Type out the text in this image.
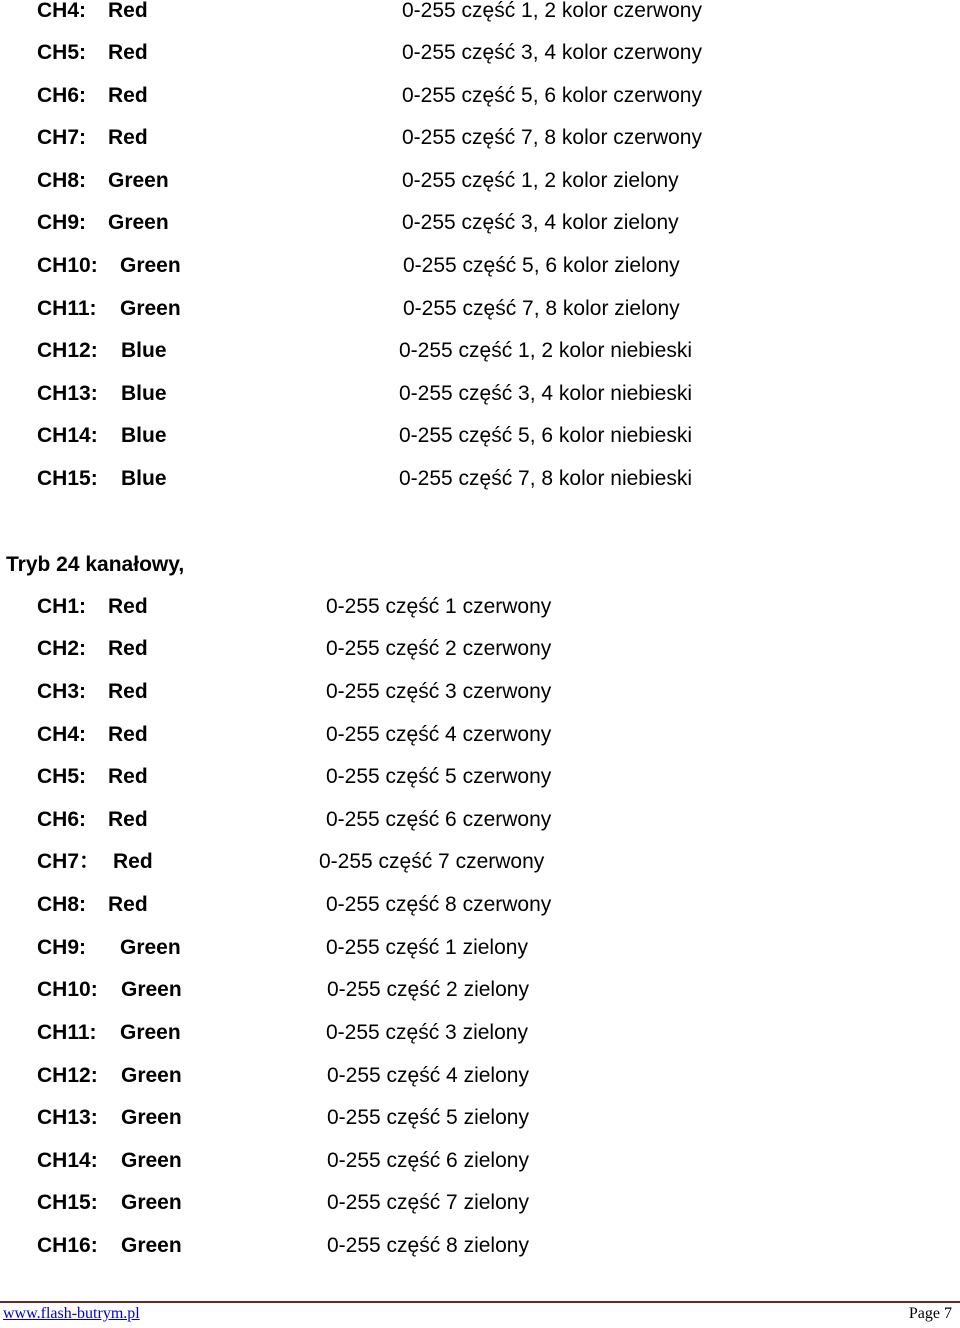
CH4: Red	0-255 część 1, 2 kolor czerwony
CH5: Red	0-255 część 3, 4 kolor czerwony
CH6: Red	0-255 część 5, 6 kolor czerwony
CH7: Red	0-255 część 7, 8 kolor czerwony
CH8: Green	0-255 część 1, 2 kolor zielony
CH9: Green	0-255 część 3, 4 kolor zielony
CH10: Green	0-255 część 5, 6 kolor zielony
CH11: Green	0-255 część 7, 8 kolor zielony
CH12: Blue	0-255 część 1, 2 kolor niebieski
CH13: Blue	0-255 część 3, 4 kolor niebieski
CH14: Blue	0-255 część 5, 6 kolor niebieski
CH15: Blue	0-255 część 7, 8 kolor niebieski
Tryb 24 kanałowy,
CH1: Red	0-255 część 1 czerwony
CH2: Red	0-255 część 2 czerwony
CH3: Red	0-255 część 3 czerwony
CH4: Red	0-255 część 4 czerwony
CH5: Red	0-255 część 5 czerwony
CH6: Red	0-255 część 6 czerwony
CH7： Red	0-255 część 7 czerwony
CH8: Red	0-255 część 8 czerwony
CH9: Green	0-255 część 1 zielony
CH10: Green	0-255 część 2 zielony
CH11: Green	0-255 część 3 zielony
CH12: Green	0-255 część 4 zielony
CH13: Green	0-255 część 5 zielony
CH14: Green	0-255 część 6 zielony
CH15: Green	0-255 część 7 zielony
CH16: Green	0-255 część 8 zielony
www.flash-butrym.pl	Page 7
